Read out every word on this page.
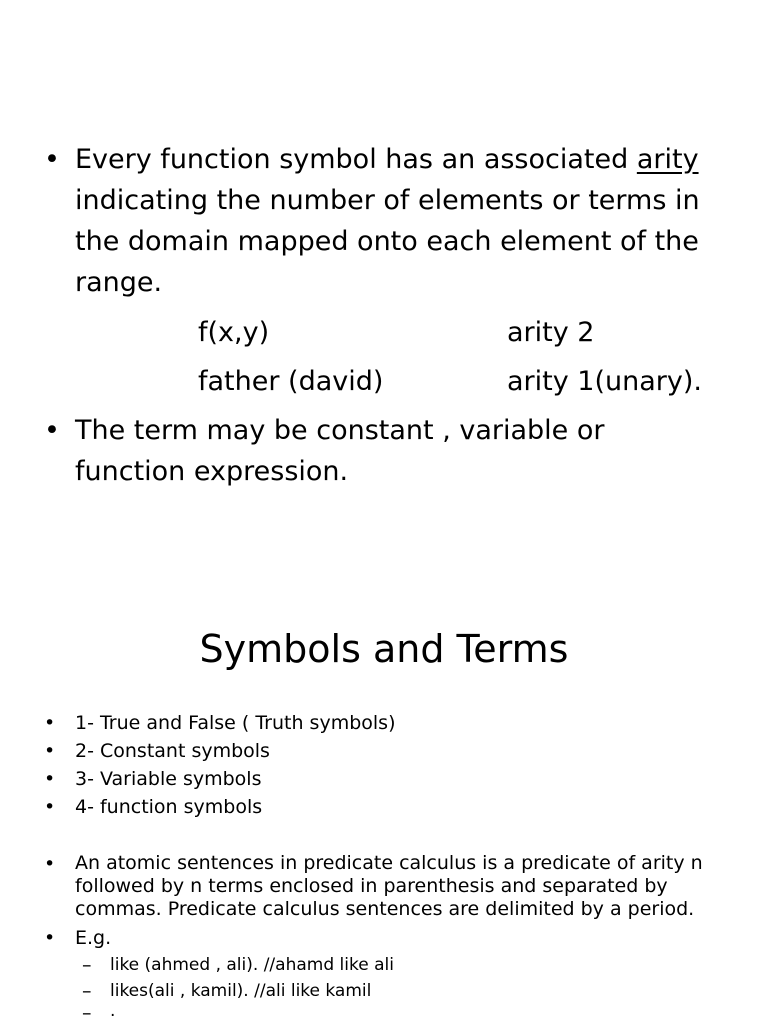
• Every function symbol has an associated arity
indicating the number of elements or terms in
the domain mapped onto each element of the
range.
f(x,y)	arity 2
father (david)	arity 1(unary).
• The term may be constant , variable or
function expression.
Symbols and Terms
• 1- True and False ( Truth symbols)
• 2- Constant symbols
• 3- Variable symbols
• 4- function symbols
• An atomic sentences in predicate calculus is a predicate of arity n
followed by n terms enclosed in parenthesis and separated by
commas. Predicate calculus sentences are delimited by a period.
• E.g.
– like (ahmed , ali). //ahamd like ali
– likes(ali , kamil). //ali like kamil
– .
